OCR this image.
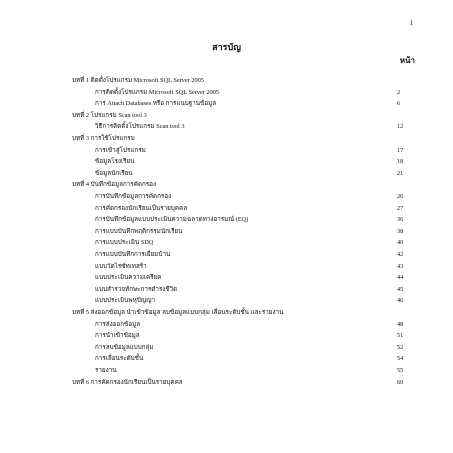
1
สารบัญ
หน้า
บทที่ 1 ติดตั้งโปรแกรม Microsoft SQL Server 2005
การติดตั้งโปรแกรม Microsoft SQL Server 2005	2
การ Attach Databases หรือ การแนบฐานข้อมูล	6
บทที่ 2 โปรแกรม Scan tool 3
วิธีการติดตั้งโปรแกรม Scan tool 3	12
บทที่ 3 การใช้โปรแกรม
การเข้าสู่โปรแกรม	17
ข้อมูลโรงเรียน	18
ข้อมูลนักเรียน	21
บทที่ 4 บันทึกข้อมูลการคัดกรอง
การบันทึกข้อมูลการคัดกรอง	26
การคัดกรองนักเรียนเป็นรายบุคคล	27
การบันทึกข้อมูลแบบประเมินความฉลาดทางอารมณ์ (EQ)	36
การแบบบันทึกพฤติกรรมนักเรียน	38
การแบบประเมิน SDQ	40
การแบบบันทึกการเยี่ยมบ้าน	42
แบบวัดไรซ์ทเทสร้า	43
แบบประเมินความเครียด	44
แบบสำรวจทักษะการดำรงชีวิต	45
แบบประเมินพหุปัญญา	46
บทที่ 5 ส่งออกข้อมูล นำเข้าข้อมูล ลบข้อมูลแบบกลุ่ม เลื่อนระดับชั้น และรายงาน
การส่งออกข้อมูล	48
การนำเข้าข้อมูล	51
การลบข้อมูลแบบกลุ่ม	52
การเลื่อนระดับชั้น	54
รายงาน	55
บทที่ 6 การคัดกรองนักเรียนเป็นรายบุคคล	60
